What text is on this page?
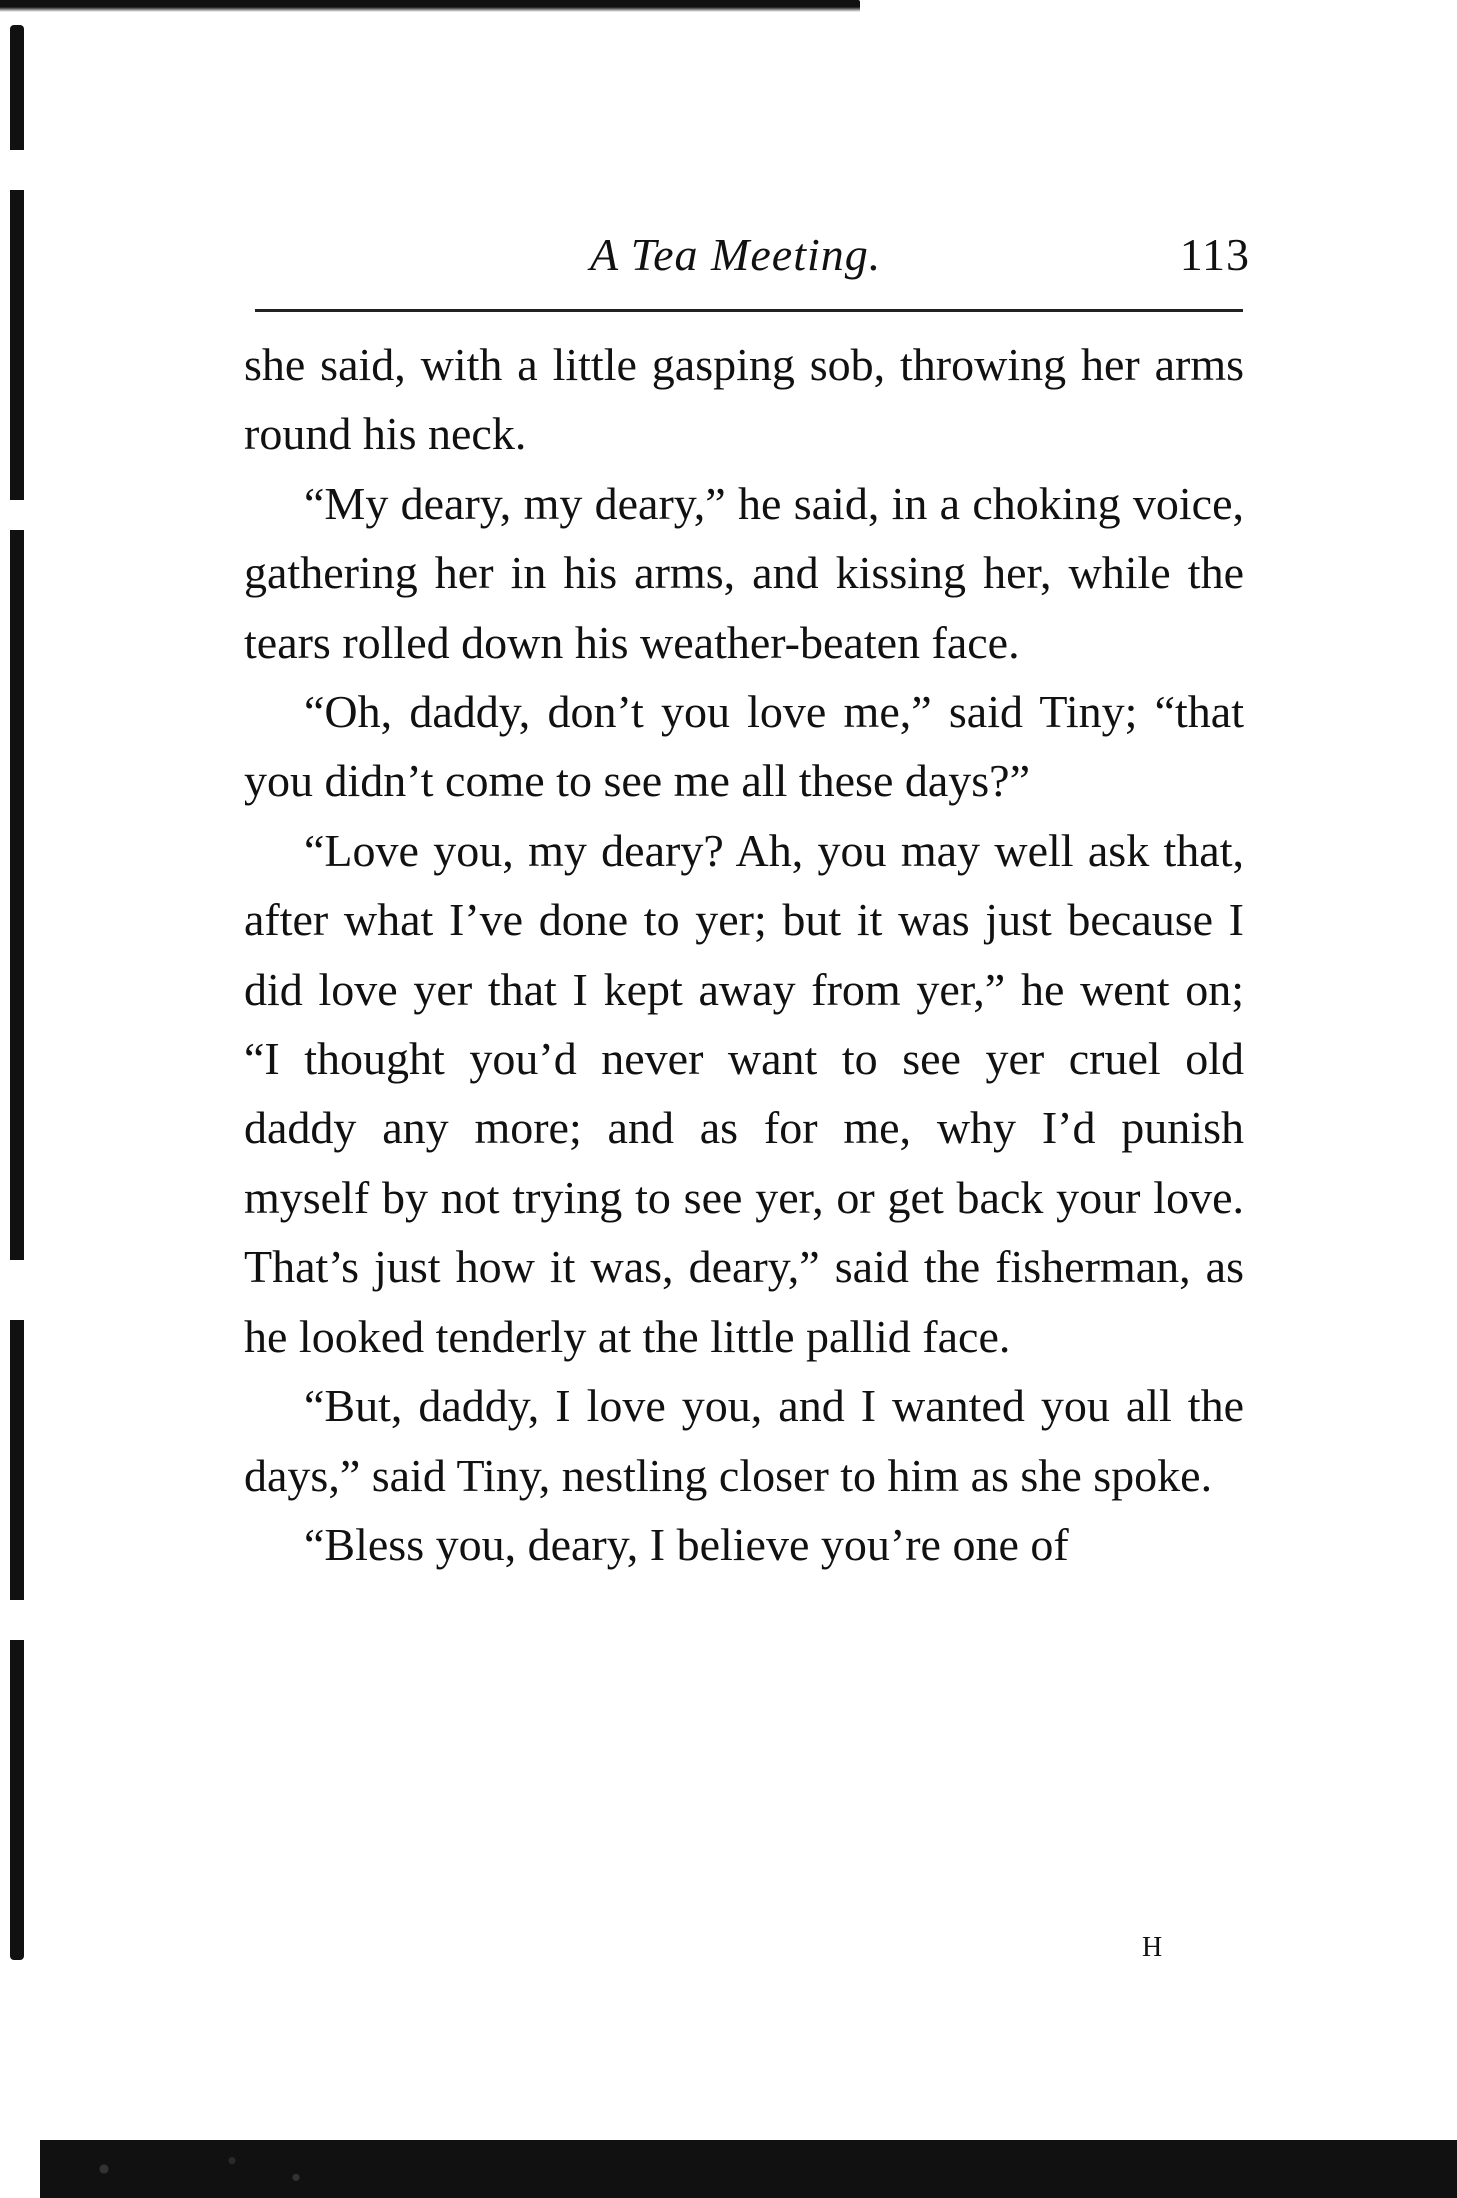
A Tea Meeting.	113

she said, with a little gasping sob, throwing her arms round his neck.

“My deary, my deary,” he said, in a choking voice, gathering her in his arms, and kissing her, while the tears rolled down his weather-beaten face.

“Oh, daddy, don’t you love me,” said Tiny; “that you didn’t come to see me all these days?”

“Love you, my deary? Ah, you may well ask that, after what I’ve done to yer; but it was just because I did love yer that I kept away from yer,” he went on; “I thought you’d never want to see yer cruel old daddy any more; and as for me, why I’d punish myself by not trying to see yer, or get back your love. That’s just how it was, deary,” said the fisherman, as he looked tenderly at the little pallid face.

“But, daddy, I love you, and I wanted you all the days,” said Tiny, nestling closer to him as she spoke.

“Bless you, deary, I believe you’re one of

H
